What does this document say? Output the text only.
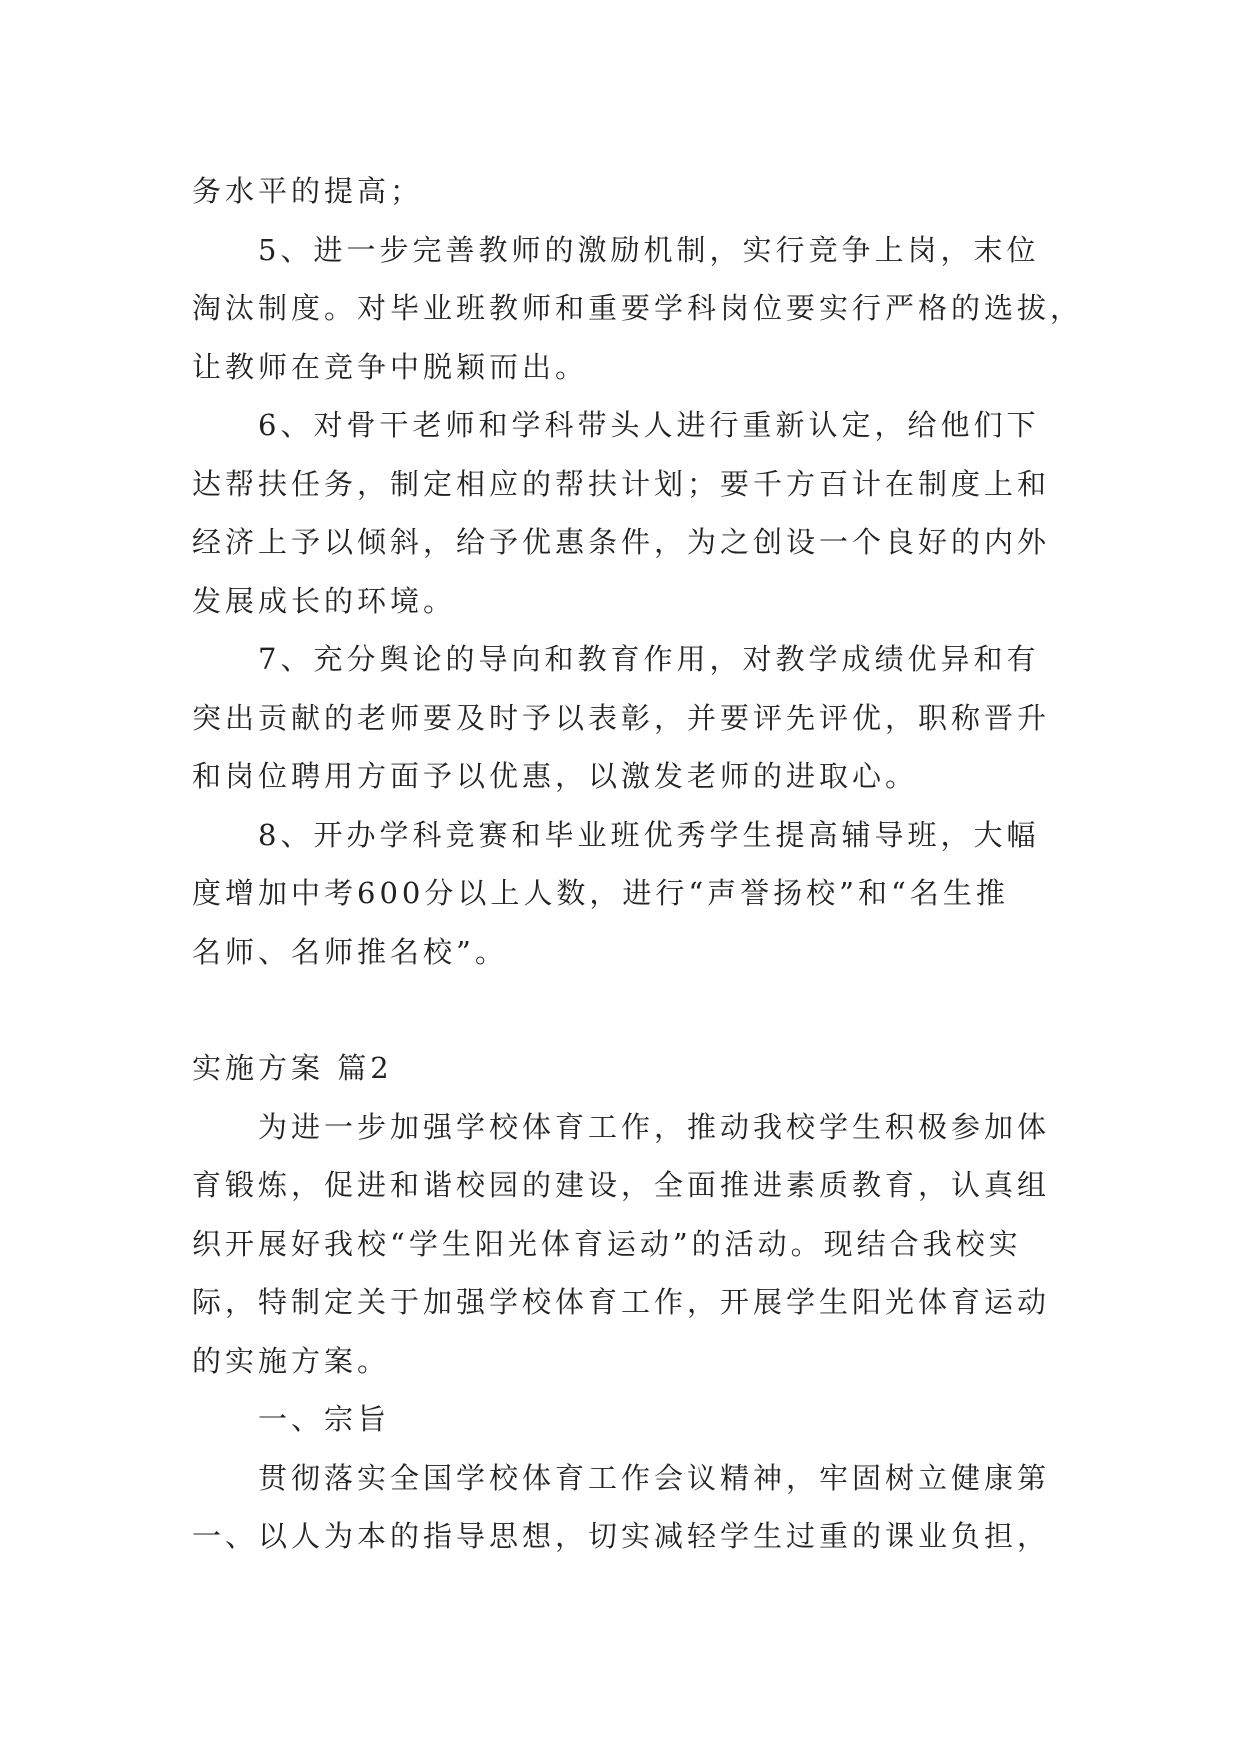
务水平的提高；
5、进一步完善教师的激励机制，实行竞争上岗，末位
淘汰制度。对毕业班教师和重要学科岗位要实行严格的选拔，
让教师在竞争中脱颖而出。
6、对骨干老师和学科带头人进行重新认定，给他们下
达帮扶任务，制定相应的帮扶计划；要千方百计在制度上和
经济上予以倾斜，给予优惠条件，为之创设一个良好的内外
发展成长的环境。
7、充分舆论的导向和教育作用，对教学成绩优异和有
突出贡献的老师要及时予以表彰，并要评先评优，职称晋升
和岗位聘用方面予以优惠，以激发老师的进取心。
8、开办学科竞赛和毕业班优秀学生提高辅导班，大幅
度增加中考600分以上人数，进行“声誉扬校”和“名生推
名师、名师推名校”。
实施方案 篇2
为进一步加强学校体育工作，推动我校学生积极参加体
育锻炼，促进和谐校园的建设，全面推进素质教育，认真组
织开展好我校“学生阳光体育运动”的活动。现结合我校实
际，特制定关于加强学校体育工作，开展学生阳光体育运动
的实施方案。
一、宗旨
贯彻落实全国学校体育工作会议精神，牢固树立健康第
一、以人为本的指导思想，切实减轻学生过重的课业负担，
